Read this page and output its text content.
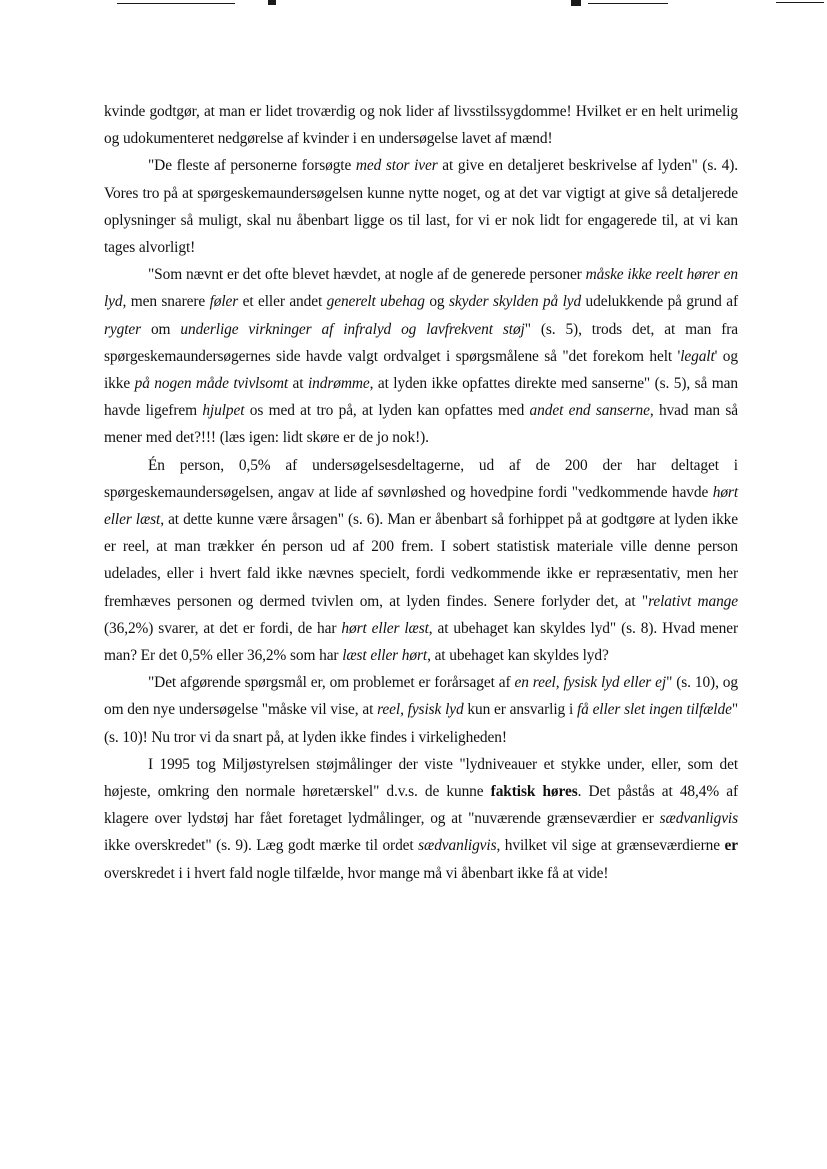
kvinde godtgør, at man er lidet troværdig og nok lider af livsstilssygdomme! Hvilket er en helt urimelig og udokumenteret nedgørelse af kvinder i en undersøgelse lavet af mænd!

"De fleste af personerne forsøgte med stor iver at give en detaljeret beskrivelse af lyden" (s. 4). Vores tro på at spørgeskemaundersøgelsen kunne nytte noget, og at det var vigtigt at give så detaljerede oplysninger så muligt, skal nu åbenbart ligge os til last, for vi er nok lidt for engagerede til, at vi kan tages alvorligt!

"Som nævnt er det ofte blevet hævdet, at nogle af de generede personer måske ikke reelt hører en lyd, men snarere føler et eller andet generelt ubehag og skyder skylden på lyd udelukkende på grund af rygter om underlige virkninger af infralyd og lavfrekvent støj" (s. 5), trods det, at man fra spørgeskemaundersøgernes side havde valgt ordvalget i spørgsmålene så "det forekom helt 'legalt' og ikke på nogen måde tvivlsomt at indrømme, at lyden ikke opfattes direkte med sanserne" (s. 5), så man havde ligefrem hjulpet os med at tro på, at lyden kan opfattes med andet end sanserne, hvad man så mener med det?!!! (læs igen: lidt skøre er de jo nok!).

Én person, 0,5% af undersøgelsesdeltagerne, ud af de 200 der har deltaget i spørgeskemaundersøgelsen, angav at lide af søvnløshed og hovedpine fordi "vedkommende havde hørt eller læst, at dette kunne være årsagen" (s. 6). Man er åbenbart så forhippet på at godtgøre at lyden ikke er reel, at man trækker én person ud af 200 frem. I sobert statistisk materiale ville denne person udelades, eller i hvert fald ikke nævnes specielt, fordi vedkommende ikke er repræsentativ, men her fremhæves personen og dermed tvivlen om, at lyden findes. Senere forlyder det, at "relativt mange (36,2%) svarer, at det er fordi, de har hørt eller læst, at ubehaget kan skyldes lyd" (s. 8). Hvad mener man? Er det 0,5% eller 36,2% som har læst eller hørt, at ubehaget kan skyldes lyd?

"Det afgørende spørgsmål er, om problemet er forårsaget af en reel, fysisk lyd eller ej" (s. 10), og om den nye undersøgelse "måske vil vise, at reel, fysisk lyd kun er ansvarlig i få eller slet ingen tilfælde" (s. 10)! Nu tror vi da snart på, at lyden ikke findes i virkeligheden!

I 1995 tog Miljøstyrelsen støjmålinger der viste "lydniveauer et stykke under, eller, som det højeste, omkring den normale høretærskel" d.v.s. de kunne faktisk høres. Det påstås at 48,4% af klagere over lydstøj har fået foretaget lydmålinger, og at "nuværende grænseværdier er sædvanligvis ikke overskredet" (s. 9). Læg godt mærke til ordet sædvanligvis, hvilket vil sige at grænseværdierne er overskredet i i hvert fald nogle tilfælde, hvor mange må vi åbenbart ikke få at vide!
